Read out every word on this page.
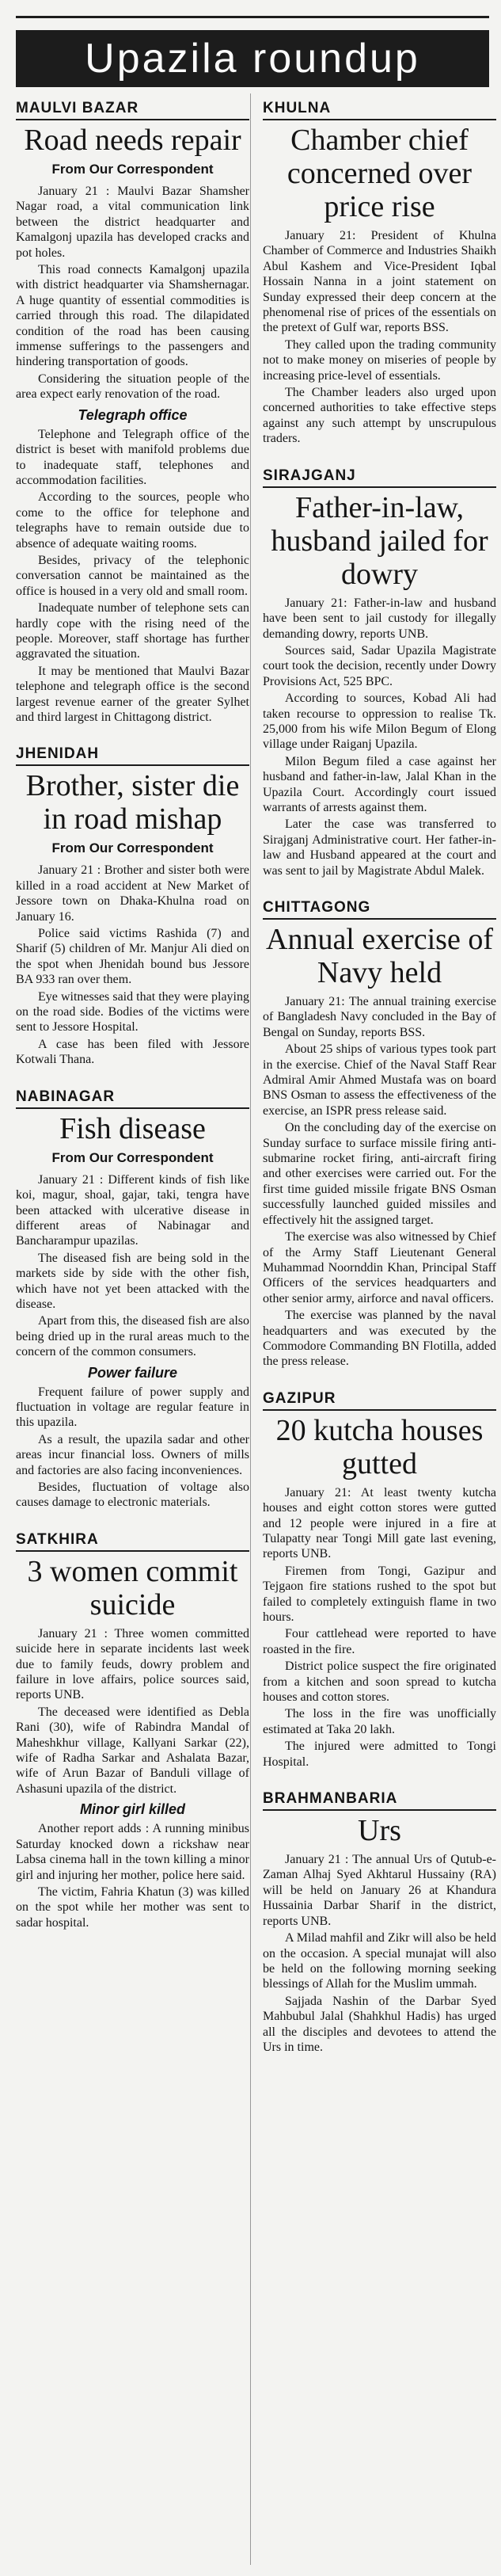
Upazila roundup
MAULVI BAZAR
Road needs repair
From Our Correspondent

January 21 : Maulvi Bazar Shamsher Nagar road, a vital communication link between the district headquarter and Kamalgonj upazila has developed cracks and pot holes.

This road connects Kamalgonj upazila with district headquarter via Shamshernagar. A huge quantity of essential commodities is carried through this road. The dilapidated condition of the road has been causing immense sufferings to the passengers and hindering transportation of goods.

Considering the situation people of the area expect early renovation of the road.

Telegraph office

Telephone and Telegraph office of the district is beset with manifold problems due to inadequate staff, telephones and accommodation facilities.

According to the sources, people who come to the office for telephone and telegraphs have to remain outside due to absence of adequate waiting rooms.

Besides, privacy of the telephonic conversation cannot be maintained as the office is housed in a very old and small room.

Inadequate number of telephone sets can hardly cope with the rising need of the people. Moreover, staff shortage has further aggravated the situation.

It may be mentioned that Maulvi Bazar telephone and telegraph office is the second largest revenue earner of the greater Sylhet and third largest in Chittagong district.

JHENIDAH
Brother, sister die in road mishap
From Our Correspondent

January 21 : Brother and sister both were killed in a road accident at New Market of Jessore town on Dhaka-Khulna road on January 16.

Police said victims Rashida (7) and Sharif (5) children of Mr. Manjur Ali died on the spot when Jhenidah bound bus Jessore BA 933 ran over them.

Eye witnesses said that they were playing on the road side. Bodies of the victims were sent to Jessore Hospital.

A case has been filed with Jessore Kotwali Thana.

NABINAGAR
Fish disease
From Our Correspondent

January 21 : Different kinds of fish like koi, magur, shoal, gajar, taki, tengra have been attacked with ulcerative disease in different areas of Nabinagar and Bancharampur upazilas.

The diseased fish are being sold in the markets side by side with the other fish, which have not yet been attacked with the disease.

Apart from this, the diseased fish are also being dried up in the rural areas much to the concern of the common consumers.

Power failure

Frequent failure of power supply and fluctuation in voltage are regular feature in this upazila.

As a result, the upazila sadar and other areas incur financial loss. Owners of mills and factories are also facing inconveniences.

Besides, fluctuation of voltage also causes damage to electronic materials.

SATKHIRA
3 women commit suicide

January 21 : Three women committed suicide here in separate incidents last week due to family feuds, dowry problem and failure in love affairs, police sources said, reports UNB.

The deceased were identified as Debla Rani (30), wife of Rabindra Mandal of Maheshkhur village, Kallyani Sarkar (22), wife of Radha Sarkar and Ashalata Bazar, wife of Arun Bazar of Banduli village of Ashasuni upazila of the district.

Minor girl killed

Another report adds : A running minibus Saturday knocked down a rickshaw near Labsa cinema hall in the town killing a minor girl and injuring her mother, police here said.

The victim, Fahria Khatun (3) was killed on the spot while her mother was sent to sadar hospital.

KHULNA
Chamber chief concerned over price rise

January 21: President of Khulna Chamber of Commerce and Industries Shaikh Abul Kashem and Vice-President Iqbal Hossain Nanna in a joint statement on Sunday expressed their deep concern at the phenomenal rise of prices of the essentials on the pretext of Gulf war, reports BSS.

They called upon the trading community not to make money on miseries of people by increasing price-level of essentials.

The Chamber leaders also urged upon concerned authorities to take effective steps against any such attempt by unscrupulous traders.

SIRAJGANJ
Father-in-law, husband jailed for dowry

January 21: Father-in-law and husband have been sent to jail custody for illegally demanding dowry, reports UNB.

Sources said, Sadar Upazila Magistrate court took the decision, recently under Dowry Provisions Act, 525 BPC.

According to sources, Kobad Ali had taken recourse to oppression to realise Tk. 25,000 from his wife Milon Begum of Elong village under Raiganj Upazila.

Milon Begum filed a case against her husband and father-in-law, Jalal Khan in the Upazila Court. Accordingly court issued warrants of arrests against them.

Later the case was transferred to Sirajganj Administrative court. Her father-in-law and Husband appeared at the court and was sent to jail by Magistrate Abdul Malek.

CHITTAGONG
Annual exercise of Navy held

January 21: The annual training exercise of Bangladesh Navy concluded in the Bay of Bengal on Sunday, reports BSS.

About 25 ships of various types took part in the exercise. Chief of the Naval Staff Rear Admiral Amir Ahmed Mustafa was on board BNS Osman to assess the effectiveness of the exercise, an ISPR press release said.

On the concluding day of the exercise on Sunday surface to surface missile firing anti-submarine rocket firing, anti-aircraft firing and other exercises were carried out. For the first time guided missile frigate BNS Osman successfully launched guided missiles and effectively hit the assigned target.

The exercise was also witnessed by Chief of the Army Staff Lieutenant General Muhammad Noornddin Khan, Principal Staff Officers of the services headquarters and other senior army, airforce and naval officers.

The exercise was planned by the naval headquarters and was executed by the Commodore Commanding BN Flotilla, added the press release.

GAZIPUR
20 kutcha houses gutted

January 21: At least twenty kutcha houses and eight cotton stores were gutted and 12 people were injured in a fire at Tulapatty near Tongi Mill gate last evening, reports UNB.

Firemen from Tongi, Gazipur and Tejgaon fire stations rushed to the spot but failed to completely extinguish flame in two hours.

Four cattlehead were reported to have roasted in the fire.

District police suspect the fire originated from a kitchen and soon spread to kutcha houses and cotton stores.

The loss in the fire was unofficially estimated at Taka 20 lakh.

The injured were admitted to Tongi Hospital.

BRAHMANBARIA
Urs

January 21 : The annual Urs of Qutub-e-Zaman Alhaj Syed Akhtarul Hussainy (RA) will be held on January 26 at Khandura Hussainia Darbar Sharif in the district, reports UNB.

A Milad mahfil and Zikr will also be held on the occasion. A special munajat will also be held on the following morning seeking blessings of Allah for the Muslim ummah.

Sajjada Nashin of the Darbar Syed Mahbubul Jalal (Shahkhul Hadis) has urged all the disciples and devotees to attend the Urs in time.
